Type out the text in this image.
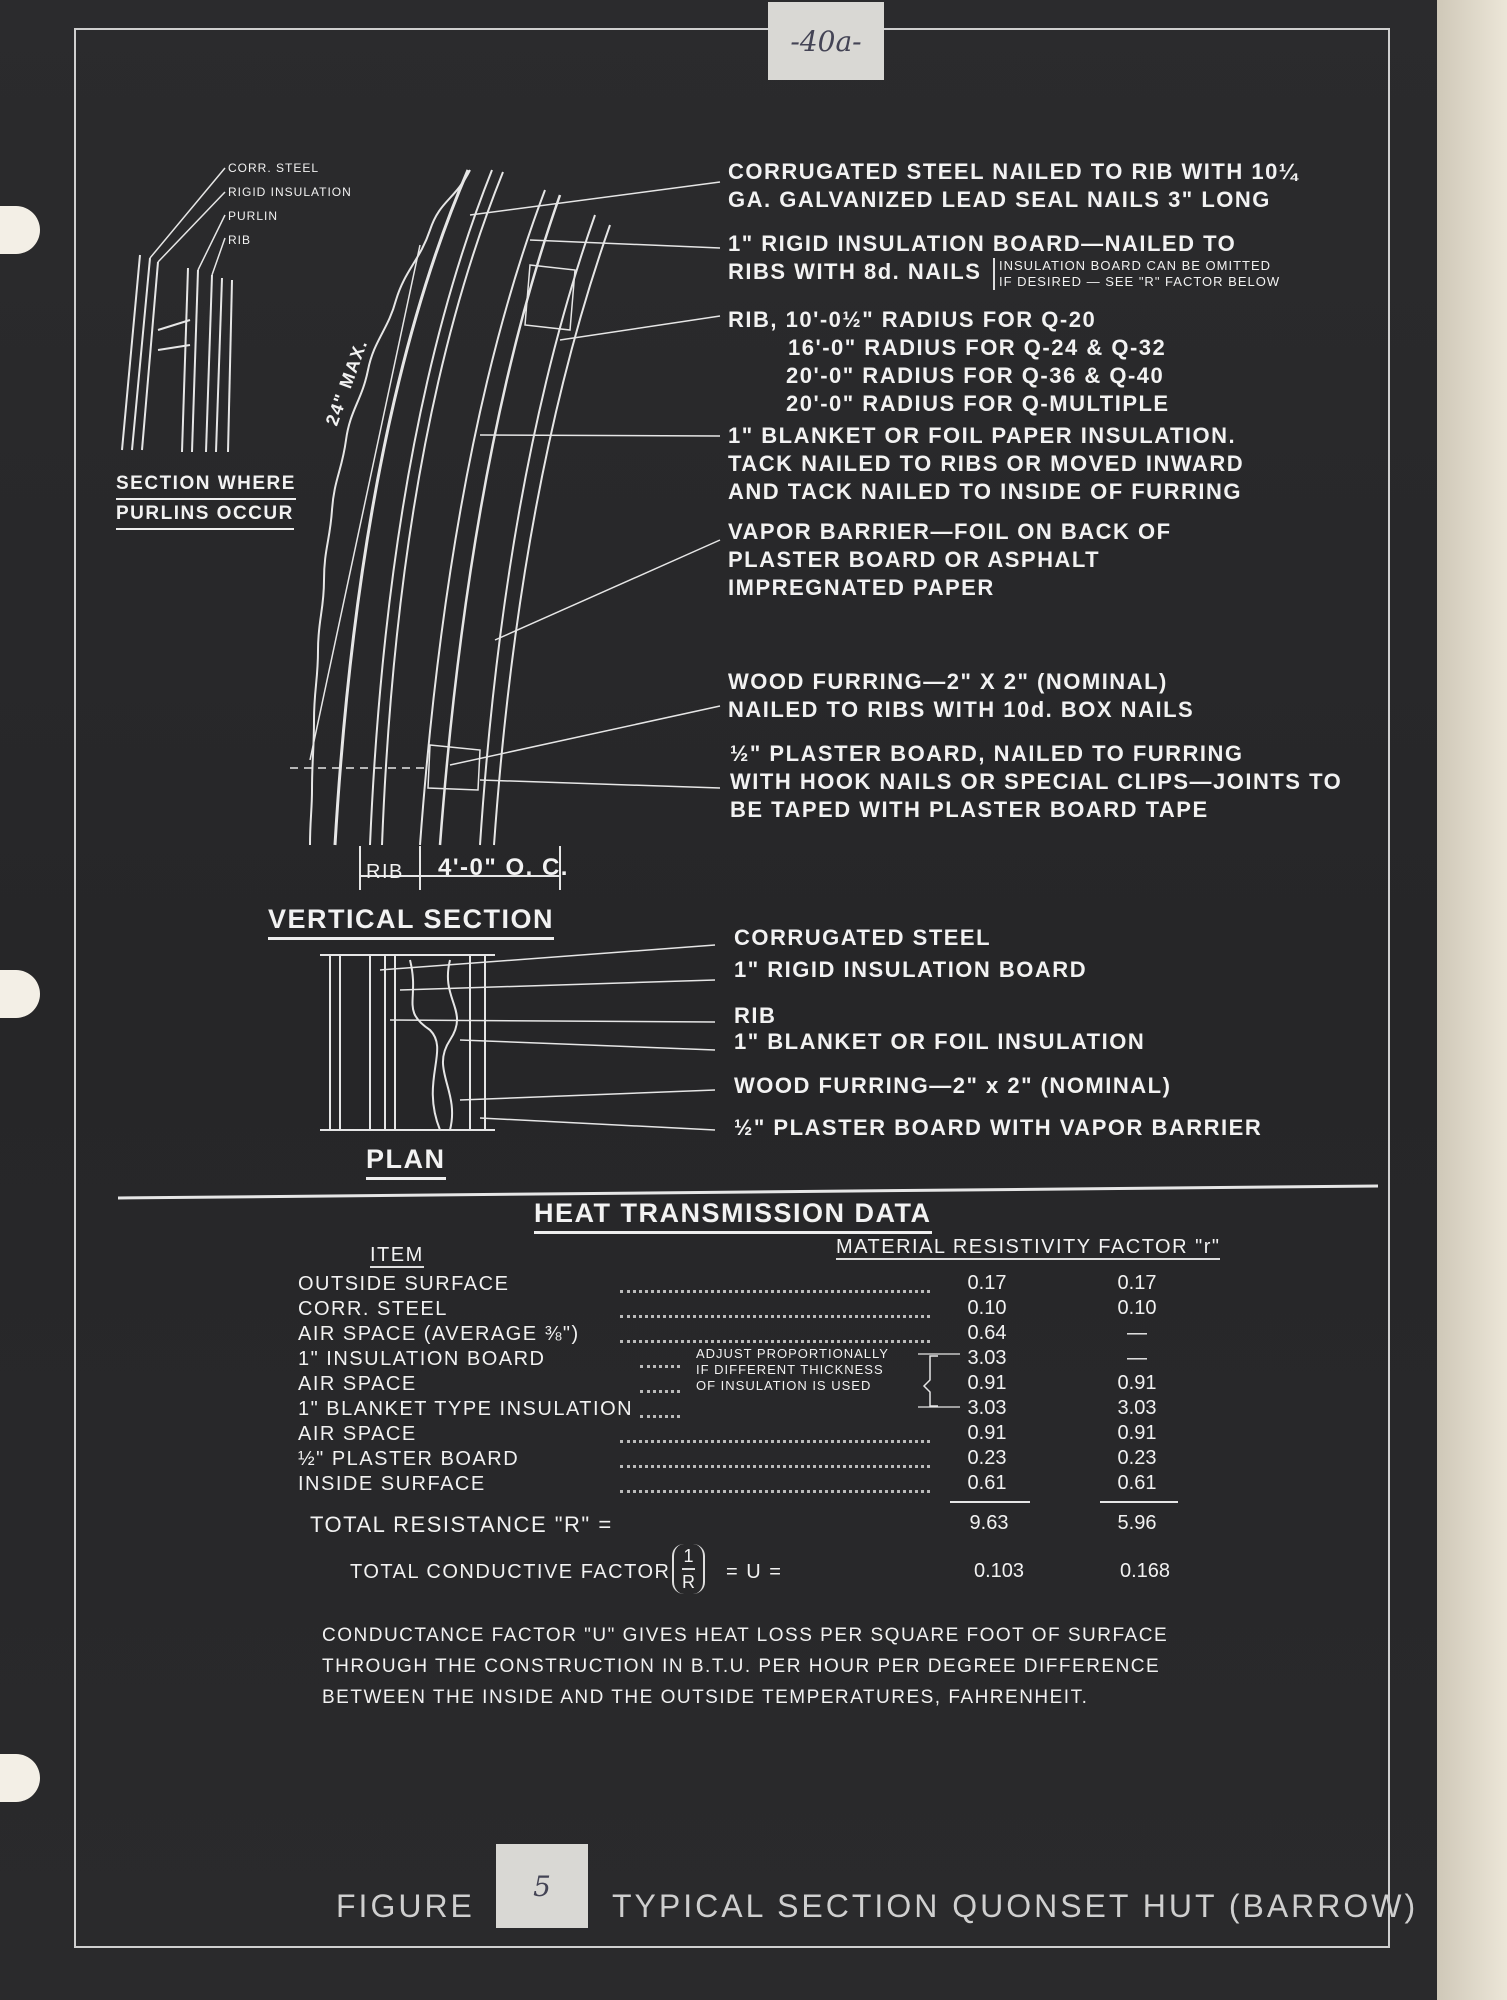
-40a-
CORR. STEEL
RIGID INSULATION
PURLIN
RIB
SECTION WHERE
PURLINS OCCUR
24" MAX.
RIB 4'-0" O. C.
VERTICAL SECTION
CORRUGATED STEEL NAILED TO RIB WITH 10¼
GA. GALVANIZED LEAD SEAL NAILS 3" LONG
1" RIGID INSULATION BOARD—NAILED TO
RIBS WITH 8d. NAILS INSULATION BOARD CAN BE OMITTED
IF DESIRED — SEE "R" FACTOR BELOW
RIB, 10'-0½" RADIUS FOR Q-20
16'-0" RADIUS FOR Q-24 & Q-32
20'-0" RADIUS FOR Q-36 & Q-40
20'-0" RADIUS FOR Q-MULTIPLE
1" BLANKET OR FOIL PAPER INSULATION.
TACK NAILED TO RIBS OR MOVED INWARD
AND TACK NAILED TO INSIDE OF FURRING
VAPOR BARRIER—FOIL ON BACK OF
PLASTER BOARD OR ASPHALT
IMPREGNATED PAPER
WOOD FURRING—2" X 2" (NOMINAL)
NAILED TO RIBS WITH 10d. BOX NAILS
½" PLASTER BOARD, NAILED TO FURRING
WITH HOOK NAILS OR SPECIAL CLIPS—JOINTS TO
BE TAPED WITH PLASTER BOARD TAPE
CORRUGATED STEEL
1" RIGID INSULATION BOARD
RIB
1" BLANKET OR FOIL INSULATION
WOOD FURRING—2" x 2" (NOMINAL)
½" PLASTER BOARD WITH VAPOR BARRIER
PLAN
HEAT TRANSMISSION DATA
ITEM	MATERIAL RESISTIVITY FACTOR "r"
OUTSIDE SURFACE	0.17	0.17
CORR. STEEL	0.10	0.10
AIR SPACE (AVERAGE ⅜")	0.64	—
1" INSULATION BOARD	3.03	—
AIR SPACE	0.91	0.91
1" BLANKET TYPE INSULATION	3.03	3.03
AIR SPACE	0.91	0.91
½" PLASTER BOARD	0.23	0.23
INSIDE SURFACE	0.61	0.61
ADJUST PROPORTIONALLY
IF DIFFERENT THICKNESS
OF INSULATION IS USED
TOTAL RESISTANCE "R" =	9.63	5.96
TOTAL CONDUCTIVE FACTOR
1
R = U =	0.103	0.168
CONDUCTANCE FACTOR "U" GIVES HEAT LOSS PER SQUARE FOOT OF SURFACE
THROUGH THE CONSTRUCTION IN B.T.U. PER HOUR PER DEGREE DIFFERENCE
BETWEEN THE INSIDE AND THE OUTSIDE TEMPERATURES, FAHRENHEIT.
FIGURE
5
TYPICAL SECTION QUONSET HUT (BARROW)
